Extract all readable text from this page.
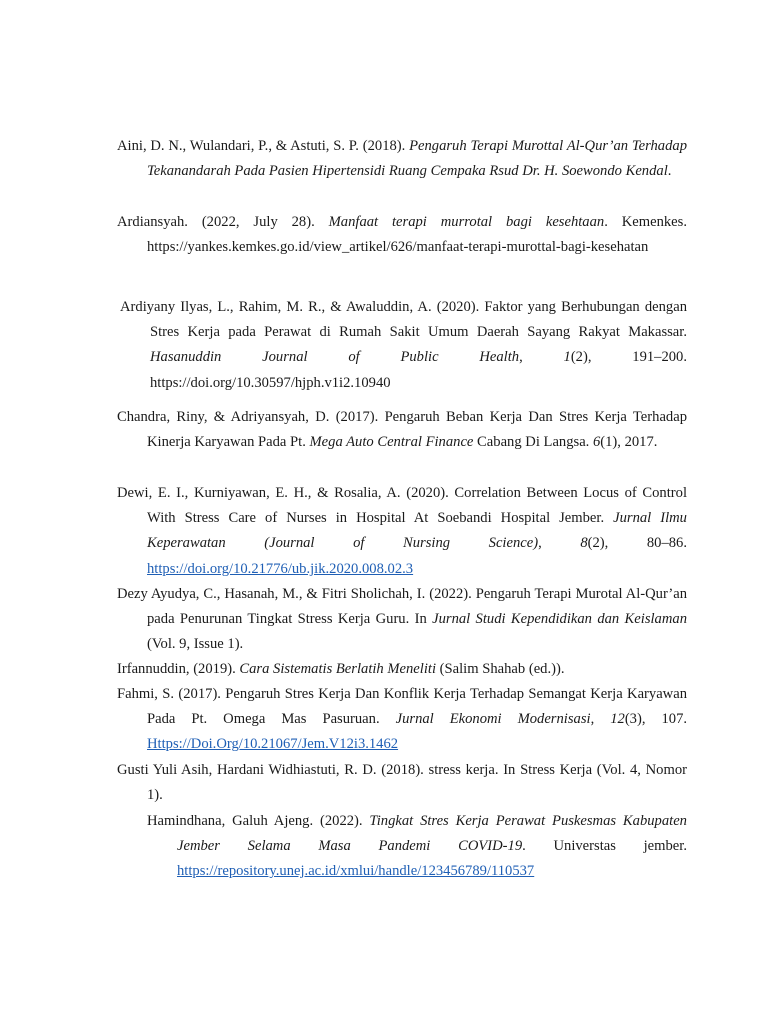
Aini, D. N., Wulandari, P., & Astuti, S. P. (2018). Pengaruh Terapi Murottal Al-Qur’an Terhadap Tekanandarah Pada Pasien Hipertensidi Ruang Cempaka Rsud Dr. H. Soewondo Kendal.

Ardiansyah. (2022, July 28). Manfaat terapi murrotal bagi kesehtaan. Kemenkes. https://yankes.kemkes.go.id/view_artikel/626/manfaat-terapi-murottal-bagi-kesehatan

Ardiyany Ilyas, L., Rahim, M. R., & Awaluddin, A. (2020). Faktor yang Berhubungan dengan Stres Kerja pada Perawat di Rumah Sakit Umum Daerah Sayang Rakyat Makassar. Hasanuddin Journal of Public Health, 1(2), 191–200. https://doi.org/10.30597/hjph.v1i2.10940

Chandra, Riny, & Adriyansyah, D. (2017). Pengaruh Beban Kerja Dan Stres Kerja Terhadap Kinerja Karyawan Pada Pt. Mega Auto Central Finance Cabang Di Langsa. 6(1), 2017.

Dewi, E. I., Kurniyawan, E. H., & Rosalia, A. (2020). Correlation Between Locus of Control With Stress Care of Nurses in Hospital At Soebandi Hospital Jember. Jurnal Ilmu Keperawatan (Journal of Nursing Science), 8(2), 80–86. https://doi.org/10.21776/ub.jik.2020.008.02.3

Dezy Ayudya, C., Hasanah, M., & Fitri Sholichah, I. (2022). Pengaruh Terapi Murotal Al-Qur’an pada Penurunan Tingkat Stress Kerja Guru. In Jurnal Studi Kependidikan dan Keislaman (Vol. 9, Issue 1).

Irfannuddin, (2019). Cara Sistematis Berlatih Meneliti (Salim Shahab (ed.)).

Fahmi, S. (2017). Pengaruh Stres Kerja Dan Konflik Kerja Terhadap Semangat Kerja Karyawan Pada Pt. Omega Mas Pasuruan. Jurnal Ekonomi Modernisasi, 12(3), 107. Https://Doi.Org/10.21067/Jem.V12i3.1462

Gusti Yuli Asih, Hardani Widhiastuti, R. D. (2018). stress kerja. In Stress Kerja (Vol. 4, Nomor 1).

Hamindhana, Galuh Ajeng. (2022). Tingkat Stres Kerja Perawat Puskesmas Kabupaten Jember Selama Masa Pandemi COVID-19. Universtas jember. https://repository.unej.ac.id/xmlui/handle/123456789/110537
